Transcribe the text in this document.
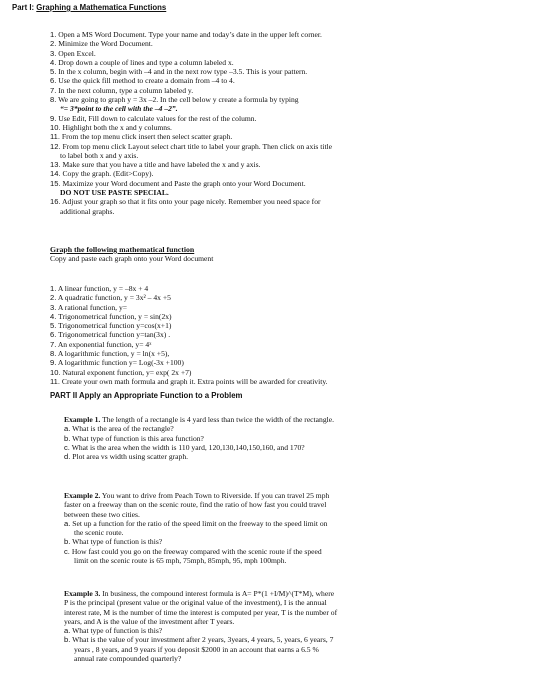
Part I: Graphing a Mathematica Functions
1. Open a MS Word Document. Type your name and today’s date in the upper left corner.
2. Minimize the Word Document.
3. Open Excel.
4. Drop down a couple of lines and type a column labeled x.
5. In the x column, begin with –4 and in the next row type –3.5. This is your pattern.
6. Use the quick fill method to create a domain from –4 to 4.
7. In the next column, type a column labeled y.
8. We are going to graph y = 3x –2. In the cell below y create a formula by typing
“= 3*point to the cell with the –4 –2”.
9. Use Edit, Fill down to calculate values for the rest of the column.
10. Highlight both the x and y columns.
11. From the top menu click insert then select scatter graph.
12. From top menu click Layout select chart title to label your graph. Then click on axis title
to label both x and y axis.
13. Make sure that you have a title and have labeled the x and y axis.
14. Copy the graph. (Edit>Copy).
15. Maximize your Word document and Paste the graph onto your Word Document.
DO NOT USE PASTE SPECIAL.
16. Adjust your graph so that it fits onto your page nicely. Remember you need space for
additional graphs.
Graph the following mathematical function
Copy and paste each graph onto your Word document
1. A linear function, y = –8x + 4
2. A quadratic function, y = 3x² – 4x +5
3. A rational function, y=
4. Trigonometrical function, y = sin(2x)
5. Trigonometrical function y=cos(x+1)
6. Trigonometrical function y=tan(3x) .
7. An exponential function, y= 4ˣ
8. A logarithmic function, y = ln(x +5),
9. A logarithmic function y= Log(-3x +100)
10. Natural exponent function, y= exp( 2x +7)
11. Create your own math formula and graph it. Extra points will be awarded for creativity.
PART II Apply an Appropriate Function to a Problem
Example 1. The length of a rectangle is 4 yard less than twice the width of the rectangle.
a. What is the area of the rectangle?
b. What type of function is this area function?
c. What is the area when the width is 110 yard, 120,130,140,150,160, and 170?
d. Plot area vs width using scatter graph.
Example 2. You want to drive from Peach Town to Riverside. If you can travel 25 mph
faster on a freeway than on the scenic route, find the ratio of how fast you could travel
between these two cities.
a. Set up a function for the ratio of the speed limit on the freeway to the speed limit on
the scenic route.
b. What type of function is this?
c. How fast could you go on the freeway compared with the scenic route if the speed
limit on the scenic route is 65 mph, 75mph, 85mph, 95, mph 100mph.
Example 3. In business, the compound interest formula is A= P*(1 +I/M)^(T*M), where
P is the principal (present value or the original value of the investment), I is the annual
interest rate, M is the number of time the interest is computed per year, T is the number of
years, and A is the value of the investment after T years.
a. What type of function is this?
b. What is the value of your investment after 2 years, 3years, 4 years, 5, years, 6 years, 7
years , 8 years, and 9 years if you deposit $2000 in an account that earns a 6.5 %
annual rate compounded quarterly?
